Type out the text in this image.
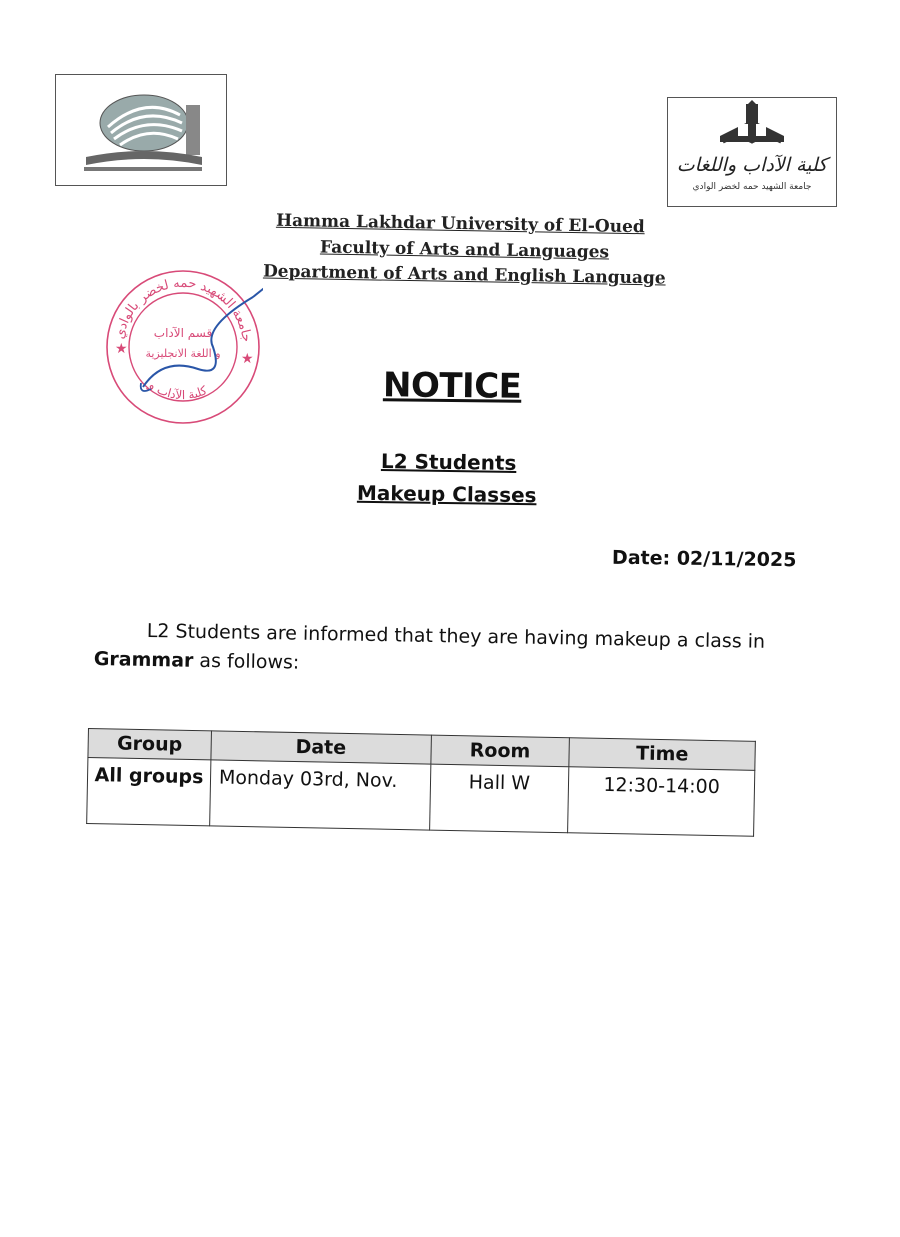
كلية الآداب واللغات
جامعة الشهيد حمه لخضر الوادي
Hamma Lakhdar University of El-Oued
Faculty of Arts and Languages
Department of Arts and English Language
جامعة الشهيد حمه لخضر بالوادي
كلية الآداب و
قسم الآداب
و اللغة الانجليزية
★
★
NOTICE
L2 Students
Makeup Classes
Date: 02/11/2025
L2 Students are informed that they are having makeup a class in
Grammar as follows:
Group	Date	Room	Time
All groups	Monday 03rd, Nov.	Hall W	12:30-14:00
